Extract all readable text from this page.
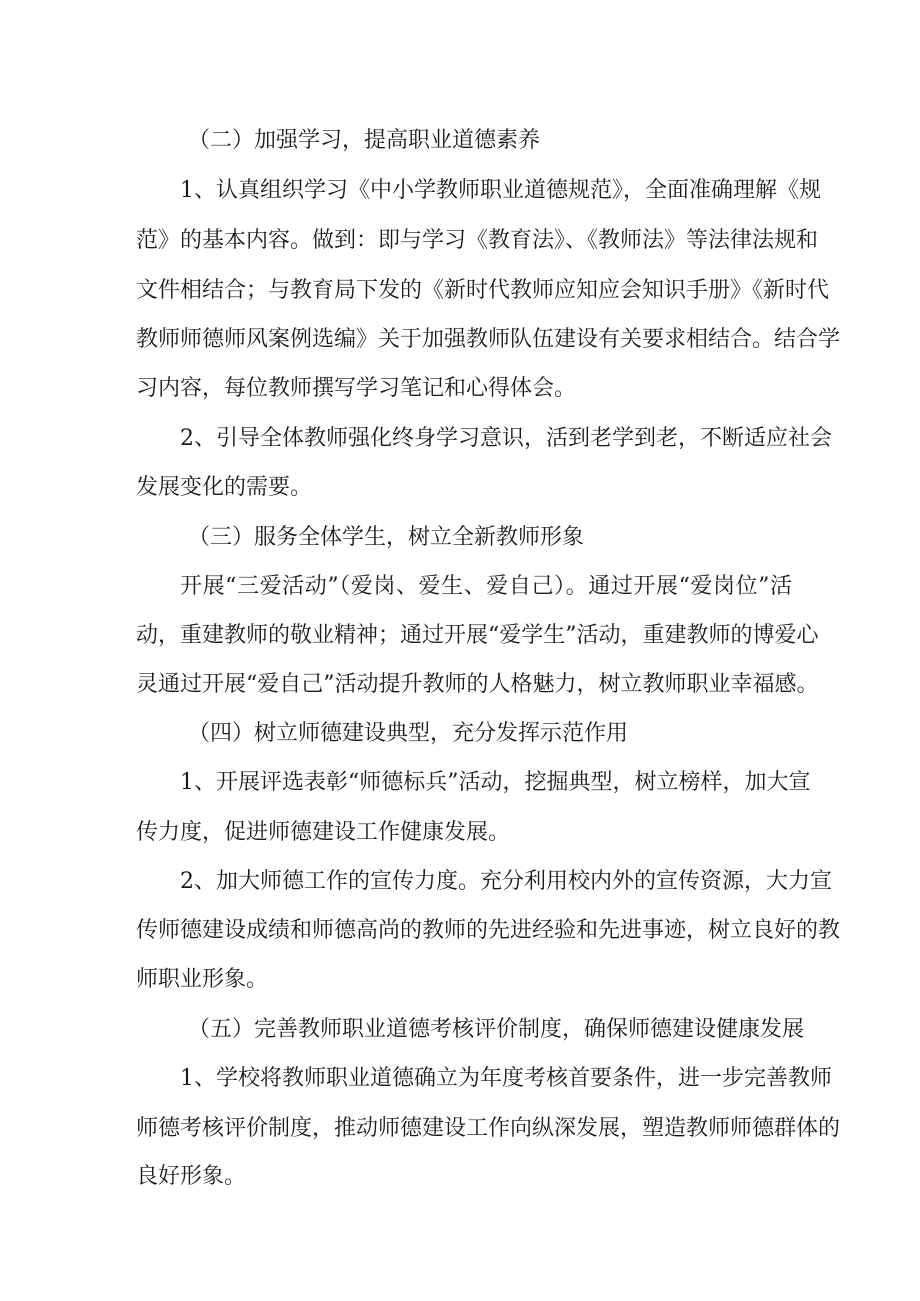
（二）加强学习，提高职业道德素养

1、认真组织学习《中小学教师职业道德规范》，全面准确理解《规

范》的基本内容。做到：即与学习《教育法》、《教师法》等法律法规和

文件相结合；与教育局下发的《新时代教师应知应会知识手册》《新时代

教师师德师风案例选编》关于加强教师队伍建设有关要求相结合。结合学

习内容，每位教师撰写学习笔记和心得体会。

2、引导全体教师强化终身学习意识，活到老学到老，不断适应社会

发展变化的需要。

（三）服务全体学生，树立全新教师形象

开展“三爱活动”（爱岗、爱生、爱自己）。通过开展“爱岗位”活

动，重建教师的敬业精神；通过开展“爱学生”活动，重建教师的博爱心

灵通过开展“爱自己”活动提升教师的人格魅力，树立教师职业幸福感。

（四）树立师德建设典型，充分发挥示范作用

1、开展评选表彰“师德标兵”活动，挖掘典型，树立榜样，加大宣

传力度，促进师德建设工作健康发展。

2、加大师德工作的宣传力度。充分利用校内外的宣传资源，大力宣

传师德建设成绩和师德高尚的教师的先进经验和先进事迹，树立良好的教

师职业形象。

（五）完善教师职业道德考核评价制度，确保师德建设健康发展

1、学校将教师职业道德确立为年度考核首要条件，进一步完善教师

师德考核评价制度，推动师德建设工作向纵深发展，塑造教师师德群体的

良好形象。
